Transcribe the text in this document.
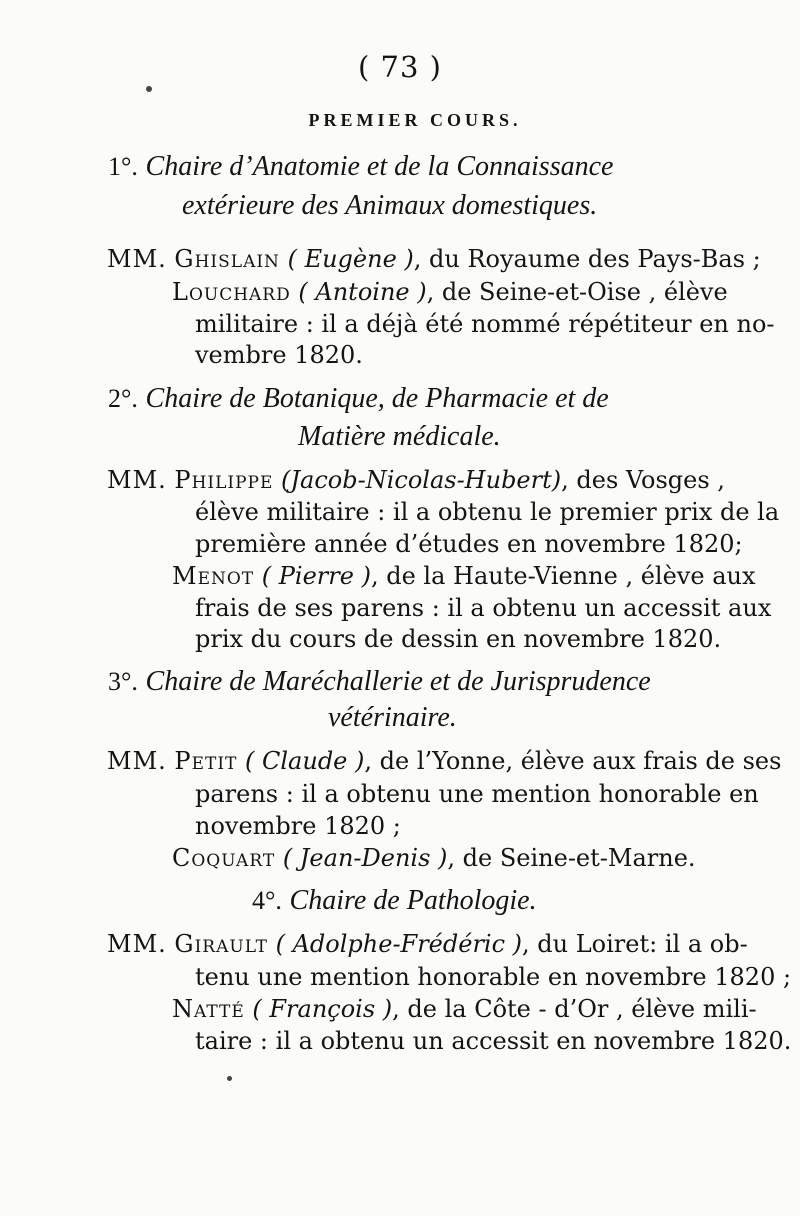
( 73 )
PREMIER COURS.
1°. Chaire d’Anatomie et de la Connaissance
extérieure des Animaux domestiques.
MM. Ghislain ( Eugène ), du Royaume des Pays-Bas ;
Louchard ( Antoine ), de Seine-et-Oise , élève
militaire : il a déjà été nommé répétiteur en no-
vembre 1820.
2°. Chaire de Botanique, de Pharmacie et de
Matière médicale.
MM. Philippe (Jacob-Nicolas-Hubert), des Vosges ,
élève militaire : il a obtenu le premier prix de la
première année d’études en novembre 1820;
Menot ( Pierre ), de la Haute-Vienne , élève aux
frais de ses parens : il a obtenu un accessit aux
prix du cours de dessin en novembre 1820.
3°. Chaire de Maréchallerie et de Jurisprudence
vétérinaire.
MM. Petit ( Claude ), de l’Yonne, élève aux frais de ses
parens : il a obtenu une mention honorable en
novembre 1820 ;
Coquart ( Jean-Denis ), de Seine-et-Marne.
4°. Chaire de Pathologie.
MM. Girault ( Adolphe-Frédéric ), du Loiret: il a ob-
tenu une mention honorable en novembre 1820 ;
Natté ( François ), de la Côte - d’Or , élève mili-
taire : il a obtenu un accessit en novembre 1820.
